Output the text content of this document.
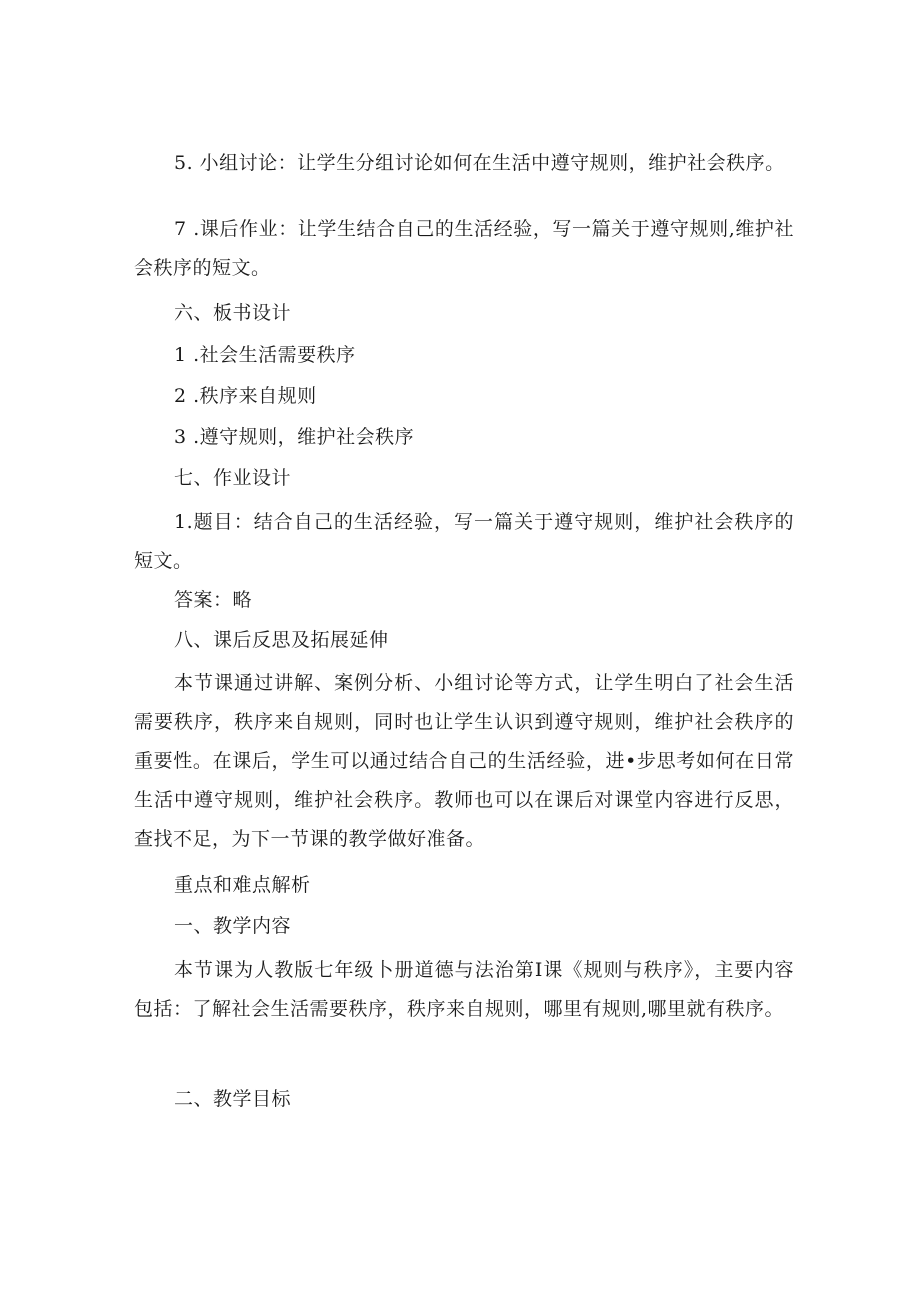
5. 小组讨论：让学生分组讨论如何在生活中遵守规则，维护社会秩序。

7 .课后作业：让学生结合自己的生活经验，写一篇关于遵守规则,维护社会秩序的短文。

六、板书设计

1 .社会生活需要秩序

2 .秩序来自规则

3 .遵守规则，维护社会秩序

七、作业设计

1.题目：结合自己的生活经验，写一篇关于遵守规则，维护社会秩序的短文。

答案：略

八、课后反思及拓展延伸

本节课通过讲解、案例分析、小组讨论等方式，让学生明白了社会生活需要秩序，秩序来自规则，同时也让学生认识到遵守规则，维护社会秩序的重要性。在课后，学生可以通过结合自己的生活经验，进•步思考如何在日常生活中遵守规则，维护社会秩序。教师也可以在课后对课堂内容进行反思，查找不足，为下一节课的教学做好准备。

重点和难点解析

一、教学内容

本节课为人教版七年级卜册道德与法治第I课《规则与秩序》，主要内容包括：了解社会生活需要秩序，秩序来自规则，哪里有规则,哪里就有秩序。

二、教学目标
